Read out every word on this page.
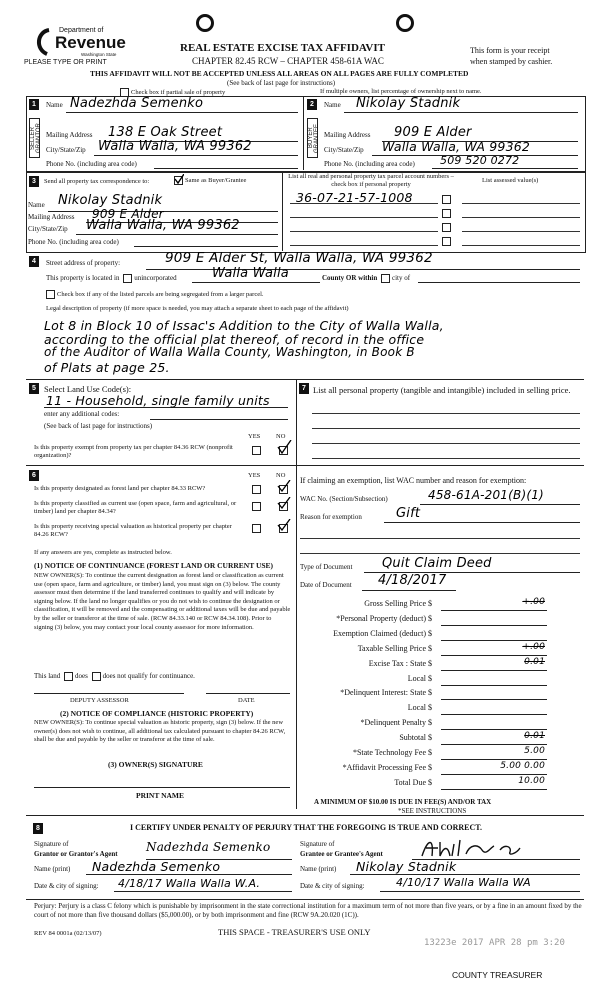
Department of
Revenue
Washington State
PLEASE TYPE OR PRINT
REAL ESTATE EXCISE TAX AFFIDAVIT
CHAPTER 82.45 RCW – CHAPTER 458-61A WAC
THIS AFFIDAVIT WILL NOT BE ACCEPTED UNLESS ALL AREAS ON ALL PAGES ARE FULLY COMPLETED
(See back of last page for instructions)
This form is your receipt
when stamped by cashier.
Check box if partial sale of property	If multiple owners, list percentage of ownership next to name.
1
SELLER GRANTOR
Name Nadezhda Semenko
Mailing Address 138 E Oak Street
City/State/Zip Walla Walla, WA 99362
Phone No. (including area code)
2
BUYER GRANTEE
Name Nikolay Stadnik
Mailing Address 909 E Alder
City/State/Zip Walla Walla, WA 99362
Phone No. (including area code) 509 520 0272
3	Send all property tax correspondence to:	Same as Buyer/Grantee
Name Nikolay Stadnik
Mailing Address 909 E Alder
City/State/Zip Walla Walla, WA 99362
Phone No. (including area code)
List all real and personal property tax parcel account numbers – check box if personal property
List assessed value(s)
36-07-21-57-1008
4	Street address of property:	909 E Alder St, Walla Walla, WA 99362
This property is located in unincorporated	Walla Walla	County OR within city of
Check box if any of the listed parcels are being segregated from a larger parcel.
Legal description of property (if more space is needed, you may attach a separate sheet to each page of the affidavit)
Lot 8 in Block 10 of Issac's Addition to the City of Walla Walla,
according to the official plat thereof, of record in the office
of the Auditor of Walla Walla County, Washington, in Book B
of Plats at page 25.
5 Select Land Use Code(s):
11 - Household, single family units
enter any additional codes:
(See back of last page for instructions)
YES NO
Is this property exempt from property tax per chapter 84.36 RCW (nonprofit organization)?
7 List all personal property (tangible and intangible) included in selling price.
6	YES NO
Is this property designated as forest land per chapter 84.33 RCW?
Is this property classified as current use (open space, farm and agricultural, or timber) land per chapter 84.34?
Is this property receiving special valuation as historical property per chapter 84.26 RCW?
If any answers are yes, complete as instructed below.
(1) NOTICE OF CONTINUANCE (FOREST LAND OR CURRENT USE)
NEW OWNER(S): To continue the current designation as forest land or classification as current use (open space, farm and agriculture, or timber) land, you must sign on (3) below. The county assessor must then determine if the land transferred continues to qualify and will indicate by signing below. If the land no longer qualifies or you do not wish to continue the designation or classification, it will be removed and the compensating or additional taxes will be due and payable by the seller or transferor at the time of sale. (RCW 84.33.140 or RCW 84.34.108). Prior to signing (3) below, you may contact your local county assessor for more information.
This land does does not qualify for continuance.
DEPUTY ASSESSOR	DATE
(2) NOTICE OF COMPLIANCE (HISTORIC PROPERTY)
NEW OWNER(S): To continue special valuation as historic property, sign (3) below. If the new owner(s) does not wish to continue, all additional tax calculated pursuant to chapter 84.26 RCW, shall be due and payable by the seller or transferor at the time of sale.
(3) OWNER(S) SIGNATURE
PRINT NAME
If claiming an exemption, list WAC number and reason for exemption:
WAC No. (Section/Subsection)	458-61A-201(B)(1)
Reason for exemption	Gift
Type of Document Quit Claim Deed
Date of Document 4/18/2017
Gross Selling Price $	+.00
*Personal Property (deduct) $
Exemption Claimed (deduct) $
Taxable Selling Price $	+.00
Excise Tax : State $	0.01
Local $
*Delinquent Interest: State $
Local $
*Delinquent Penalty $
Subtotal $	0.01
*State Technology Fee $	5.00
*Affidavit Processing Fee $	5.00 0.00
Total Due $	10.00
A MINIMUM OF $10.00 IS DUE IN FEE(S) AND/OR TAX
*SEE INSTRUCTIONS
8	I CERTIFY UNDER PENALTY OF PERJURY THAT THE FOREGOING IS TRUE AND CORRECT.
Signature of
Grantor or Grantor's Agent Nadezhda Semenko
Name (print) Nadezhda Semenko
Date & city of signing: 4/18/17 Walla Walla W.A.
Signature of
Grantee or Grantee's Agent
Name (print) Nikolay Stadnik
Date & city of signing:	4/10/17 Walla Walla WA
Perjury: Perjury is a class C felony which is punishable by imprisonment in the state correctional institution for a maximum term of not more than five years, or by a fine in an amount fixed by the court of not more than five thousand dollars ($5,000.00), or by both imprisonment and fine (RCW 9A.20.020 (1C)).
REV 84 0001a (02/13/07)	THIS SPACE - TREASURER'S USE ONLY
13223e 2017 APR 28 pm 3:20
COUNTY TREASURER
